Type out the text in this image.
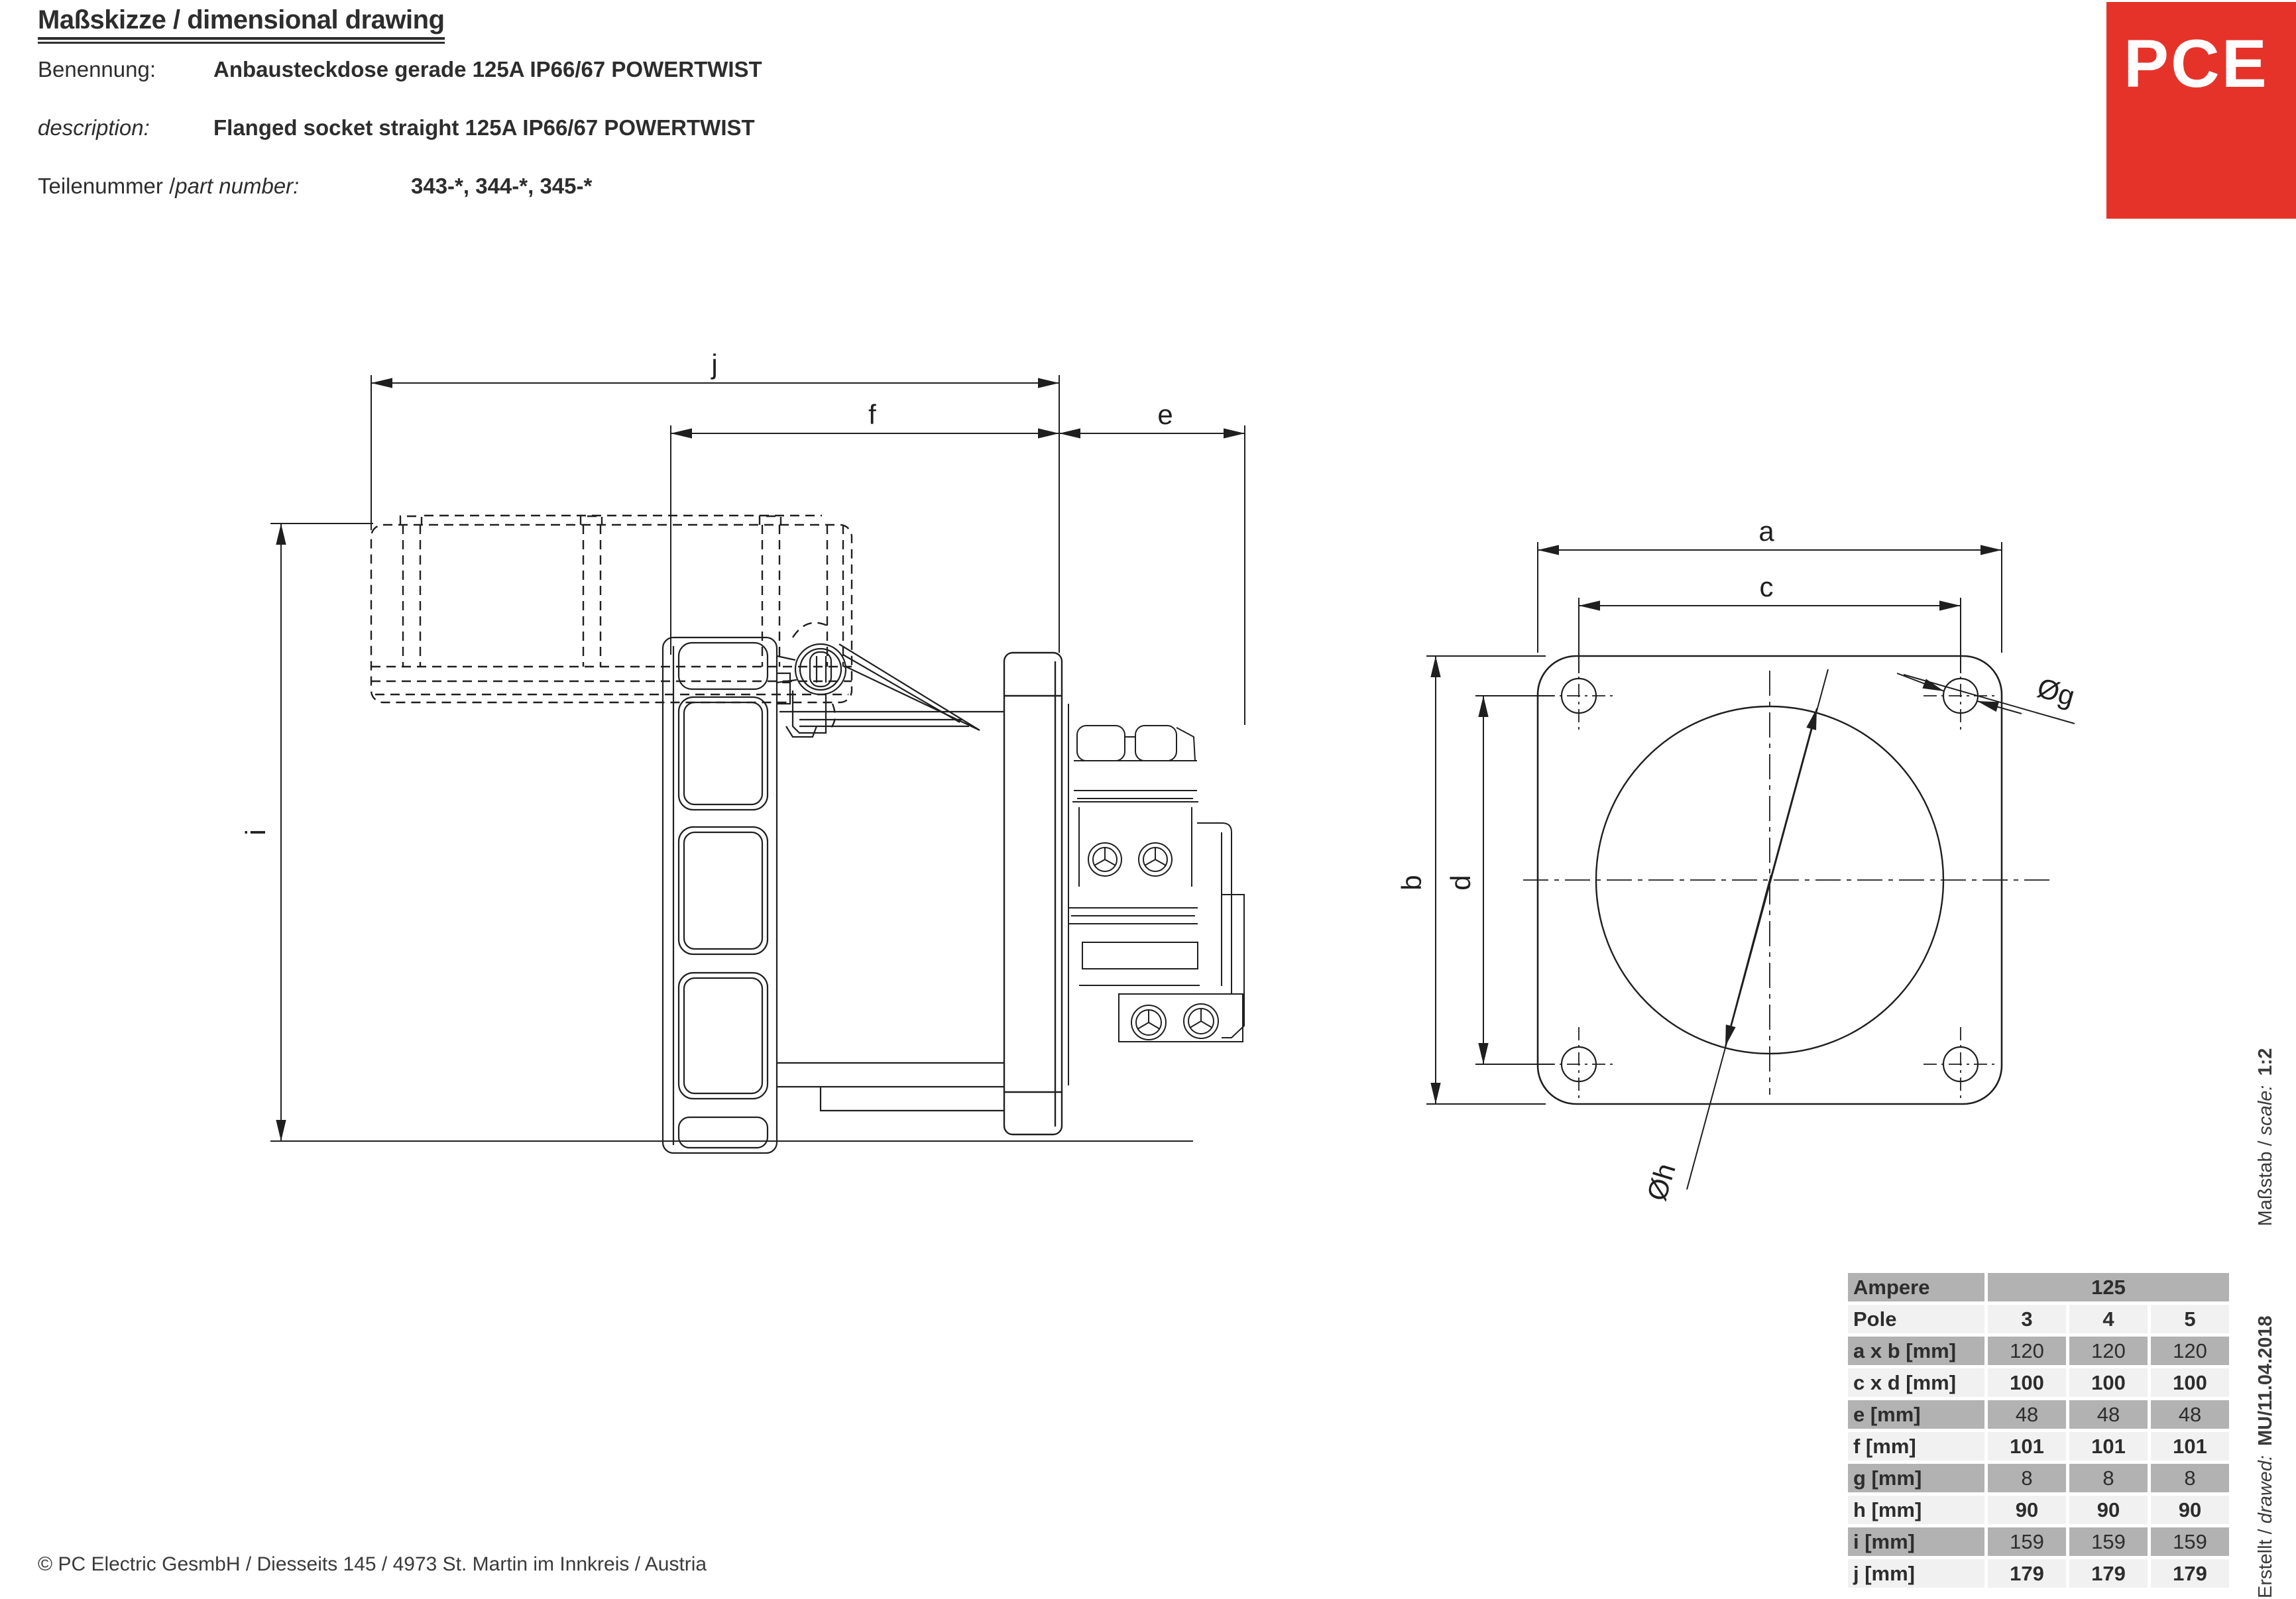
Maßskizze / dimensional drawing
Benennung:	Anbausteckdose gerade 125A IP66/67 POWERTWIST
description:	Flanged socket straight 125A IP66/67 POWERTWIST
Teilenummer /part number:	343-*, 344-*, 345-*
PCE
j
f	e
i
a
c
b d
Øg
Øh
Ampere	125
Pole	3	4	5
a x b [mm]	120	120	120
c x d [mm]	100	100	100
e [mm]	48	48	48
f [mm]	101	101	101
g [mm]	8	8	8
h [mm]	90	90	90
i [mm]	159	159	159
j [mm]	179	179	179	Erstellt / drawed:MU/11.04.2018Maßstab / scale:1:2
© PC Electric GesmbH / Diesseits 145 / 4973 St. Martin im Innkreis / Austria
